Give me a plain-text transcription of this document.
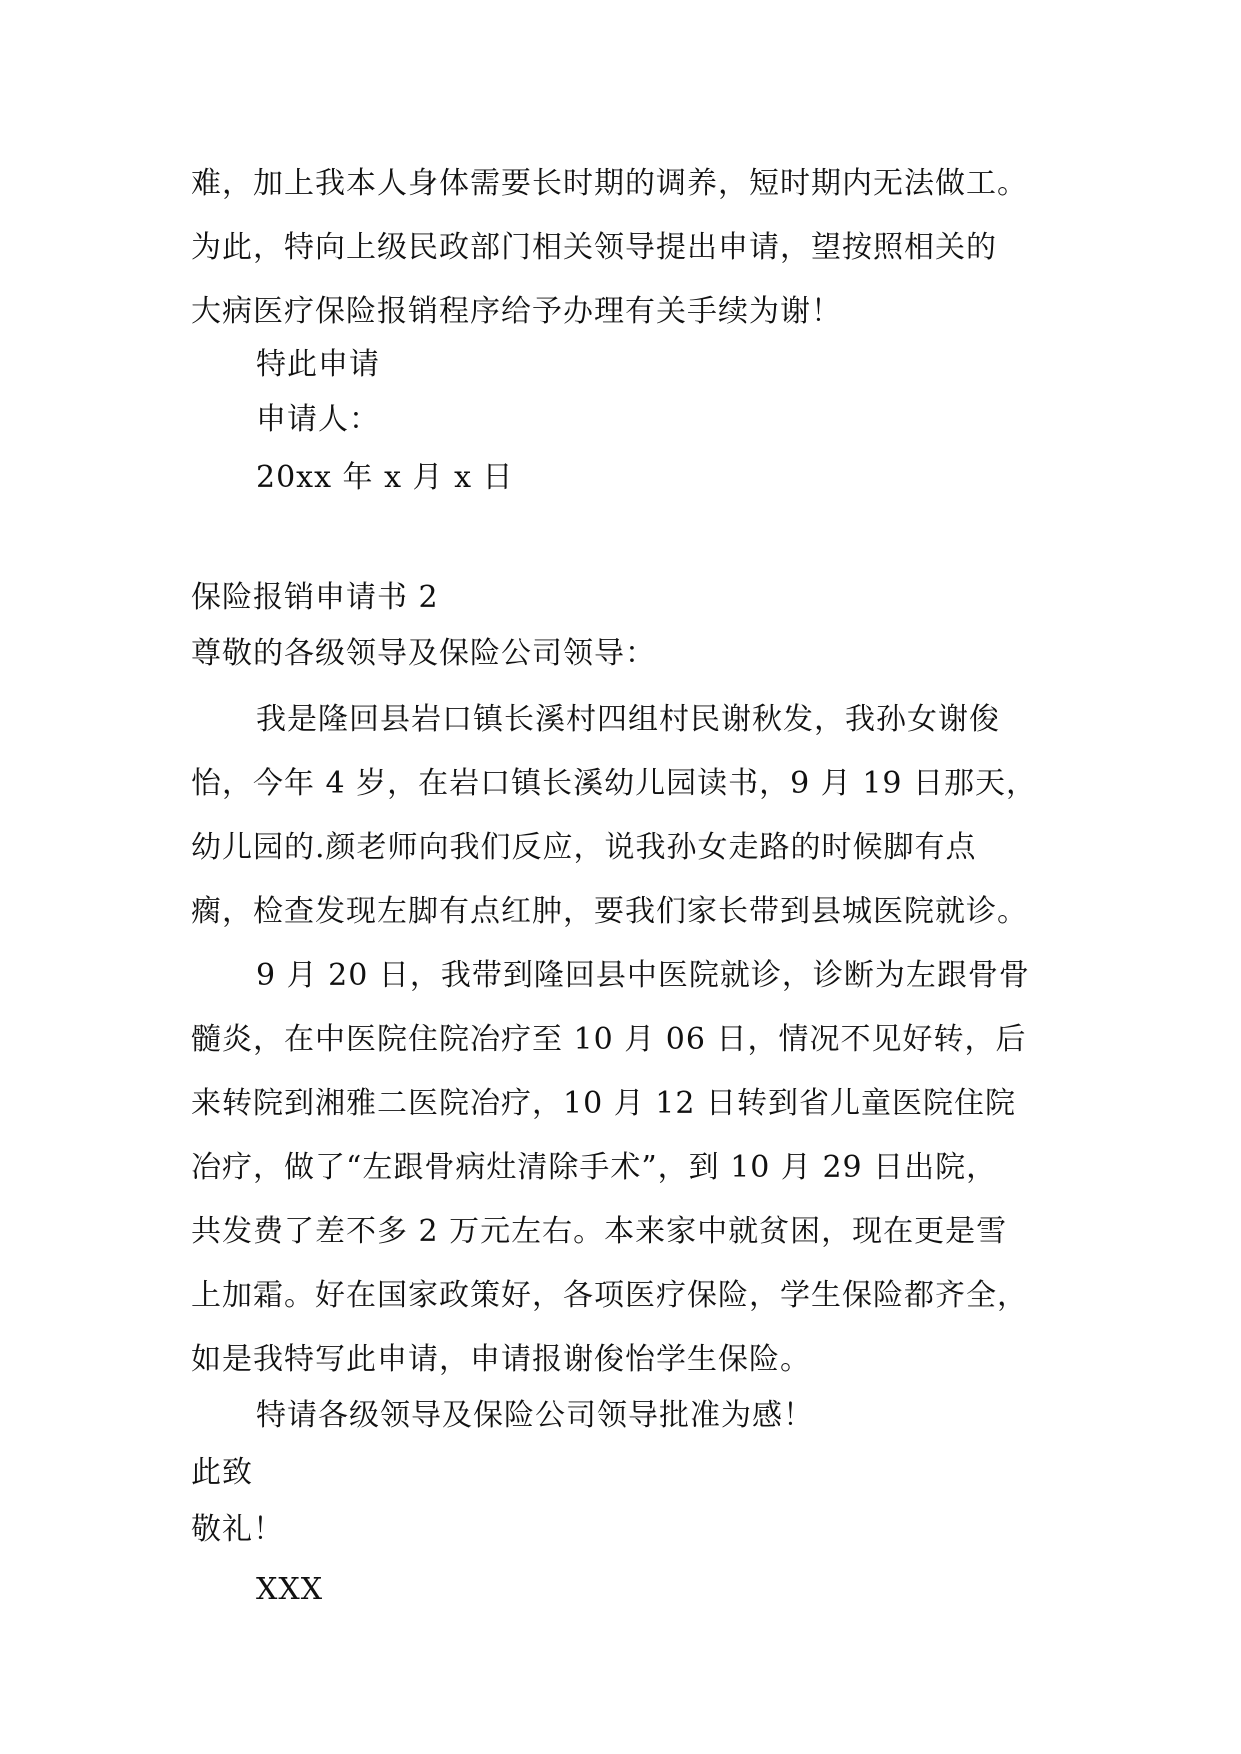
难，加上我本人身体需要长时期的调养，短时期内无法做工。
为此，特向上级民政部门相关领导提出申请，望按照相关的
大病医疗保险报销程序给予办理有关手续为谢！
特此申请
申请人：
20xx 年 x 月 x 日
保险报销申请书 2
尊敬的各级领导及保险公司领导：
我是隆回县岩口镇长溪村四组村民谢秋发，我孙女谢俊
怡，今年 4 岁，在岩口镇长溪幼儿园读书，9 月 19 日那天，
幼儿园的.颜老师向我们反应，说我孙女走路的时候脚有点
瘸，检查发现左脚有点红肿，要我们家长带到县城医院就诊。
9 月 20 日，我带到隆回县中医院就诊，诊断为左跟骨骨
髓炎，在中医院住院冶疗至 10 月 06 日，情况不见好转，后
来转院到湘雅二医院冶疗，10 月 12 日转到省儿童医院住院
冶疗，做了“左跟骨病灶清除手术”，到 10 月 29 日出院，
共发费了差不多 2 万元左右。本来家中就贫困，现在更是雪
上加霜。好在国家政策好，各项医疗保险，学生保险都齐全，
如是我特写此申请，申请报谢俊怡学生保险。
特请各级领导及保险公司领导批准为感！
此致
敬礼！
XXX
